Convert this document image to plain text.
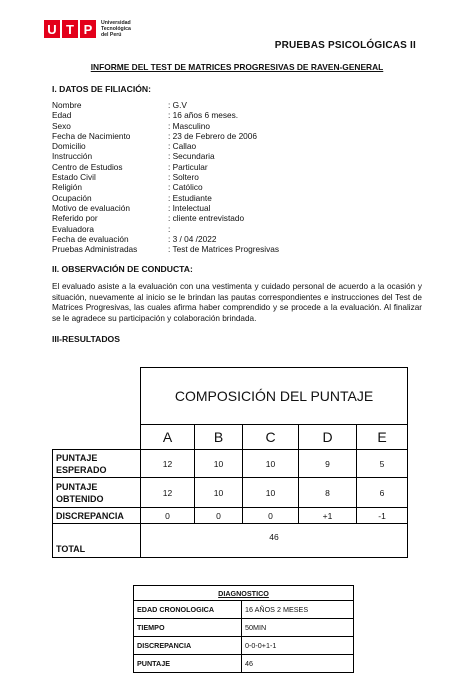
U T P	Universidad
Tecnológica
del Perú
PRUEBAS PSICOLÓGICAS II
INFORME DEL TEST DE MATRICES PROGRESIVAS DE RAVEN-GENERAL
I. DATOS DE FILIACIÓN:
Nombre	: G.V
Edad	: 16 años 6 meses.
Sexo	: Masculino
Fecha de Nacimiento	: 23 de Febrero de 2006
Domicilio	: Callao
Instrucción	: Secundaria
Centro de Estudios	: Particular
Estado Civil	: Soltero
Religión	: Católico
Ocupación	: Estudiante
Motivo de evaluación	: Intelectual
Referido por	: cliente entrevistado
Evaluadora	:
Fecha de evaluación	: 3 / 04 /2022
Pruebas Administradas	: Test de Matrices Progresivas
II. OBSERVACIÓN DE CONDUCTA:
El evaluado asiste a la evaluación con una vestimenta y cuidado personal de acuerdo a la ocasión y situación, nuevamente al inicio se le brindan las pautas correspondientes e instrucciones del Test de Matrices Progresivas, las cuales afirma haber comprendido y se procede a la evaluación. Al finalizar se le agradece su participación y colaboración brindada.
III-RESULTADOS
	COMPOSICIÓN DEL PUNTAJE				
	A	B	C	D	E
PUNTAJE ESPERADO	12	10	10	9	5
PUNTAJE OBTENIDO	12	10	10	8	6
DISCREPANCIA	0	0	0	+1	-1
TOTAL	46				
DIAGNOSTICO	
EDAD CRONOLOGICA	16 AÑOS 2 MESES
TIEMPO	50MIN
DISCREPANCIA	0-0-0+1-1
PUNTAJE	46
